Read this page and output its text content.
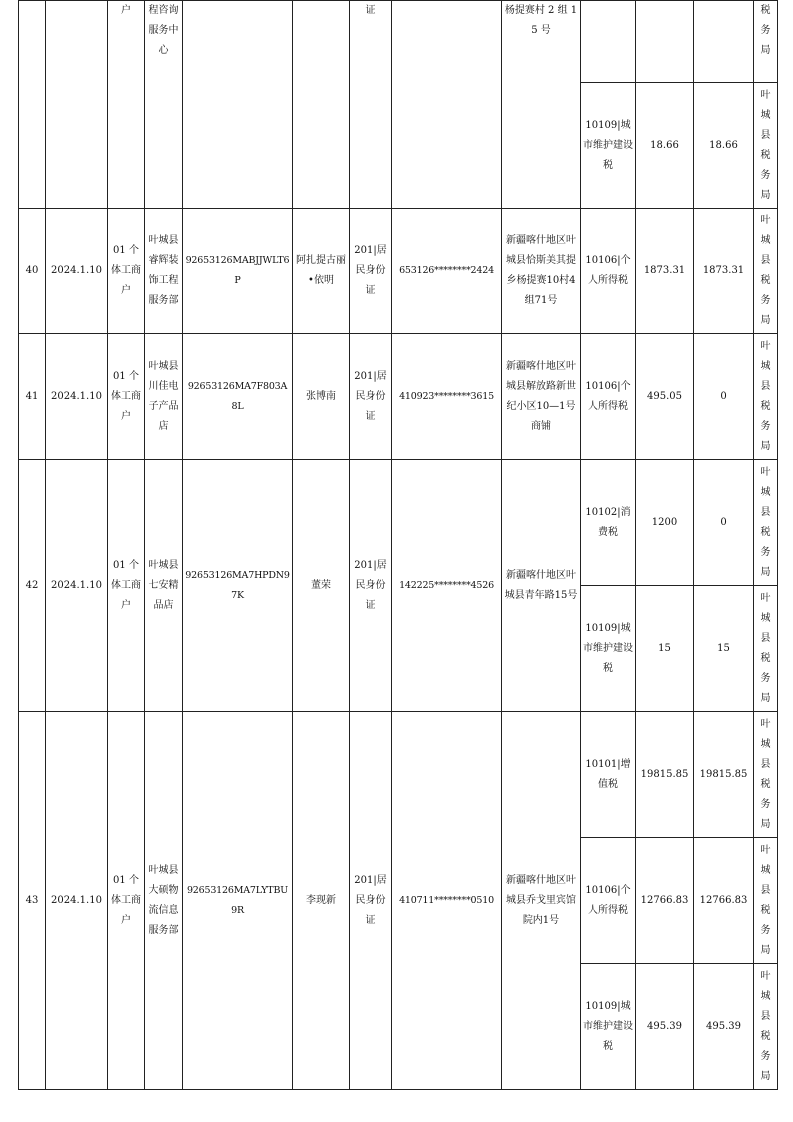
		户	程咨询服务中心			证		杨提赛村 2 组 15 号				税务局
									10109|城市维护建设税	18.66	18.66	叶城县税务局
40	2024.1.10	01 个体工商户	叶城县睿辉装饰工程服务部	92653126MABJJWLT6P	阿扎提古丽•依明	201|居民身份证	653126********2424	新疆喀什地区叶城县恰斯美其提乡杨提赛10村4组71号	10106|个人所得税	1873.31	1873.31	叶城县税务局
41	2024.1.10	01 个体工商户	叶城县川佳电子产品店	92653126MA7F803A8L	张博南	201|居民身份证	410923********3615	新疆喀什地区叶城县解放路新世纪小区10—1号商铺	10106|个人所得税	495.05	0	叶城县税务局
42	2024.1.10	01 个体工商户	叶城县七安精品店	92653126MA7HPDN97K	董荣	201|居民身份证	142225********4526	新疆喀什地区叶城县青年路15号	10102|消费税	1200	0	叶城县税务局
									10109|城市维护建设税	15	15	叶城县税务局
43	2024.1.10	01 个体工商户	叶城县大硕物流信息服务部	92653126MA7LYTBU9R	李现新	201|居民身份证	410711********0510	新疆喀什地区叶城县乔戈里宾馆院内1号	10101|增值税	19815.85	19815.85	叶城县税务局
									10106|个人所得税	12766.83	12766.83	叶城县税务局
									10109|城市维护建设税	495.39	495.39	叶城县税务局
